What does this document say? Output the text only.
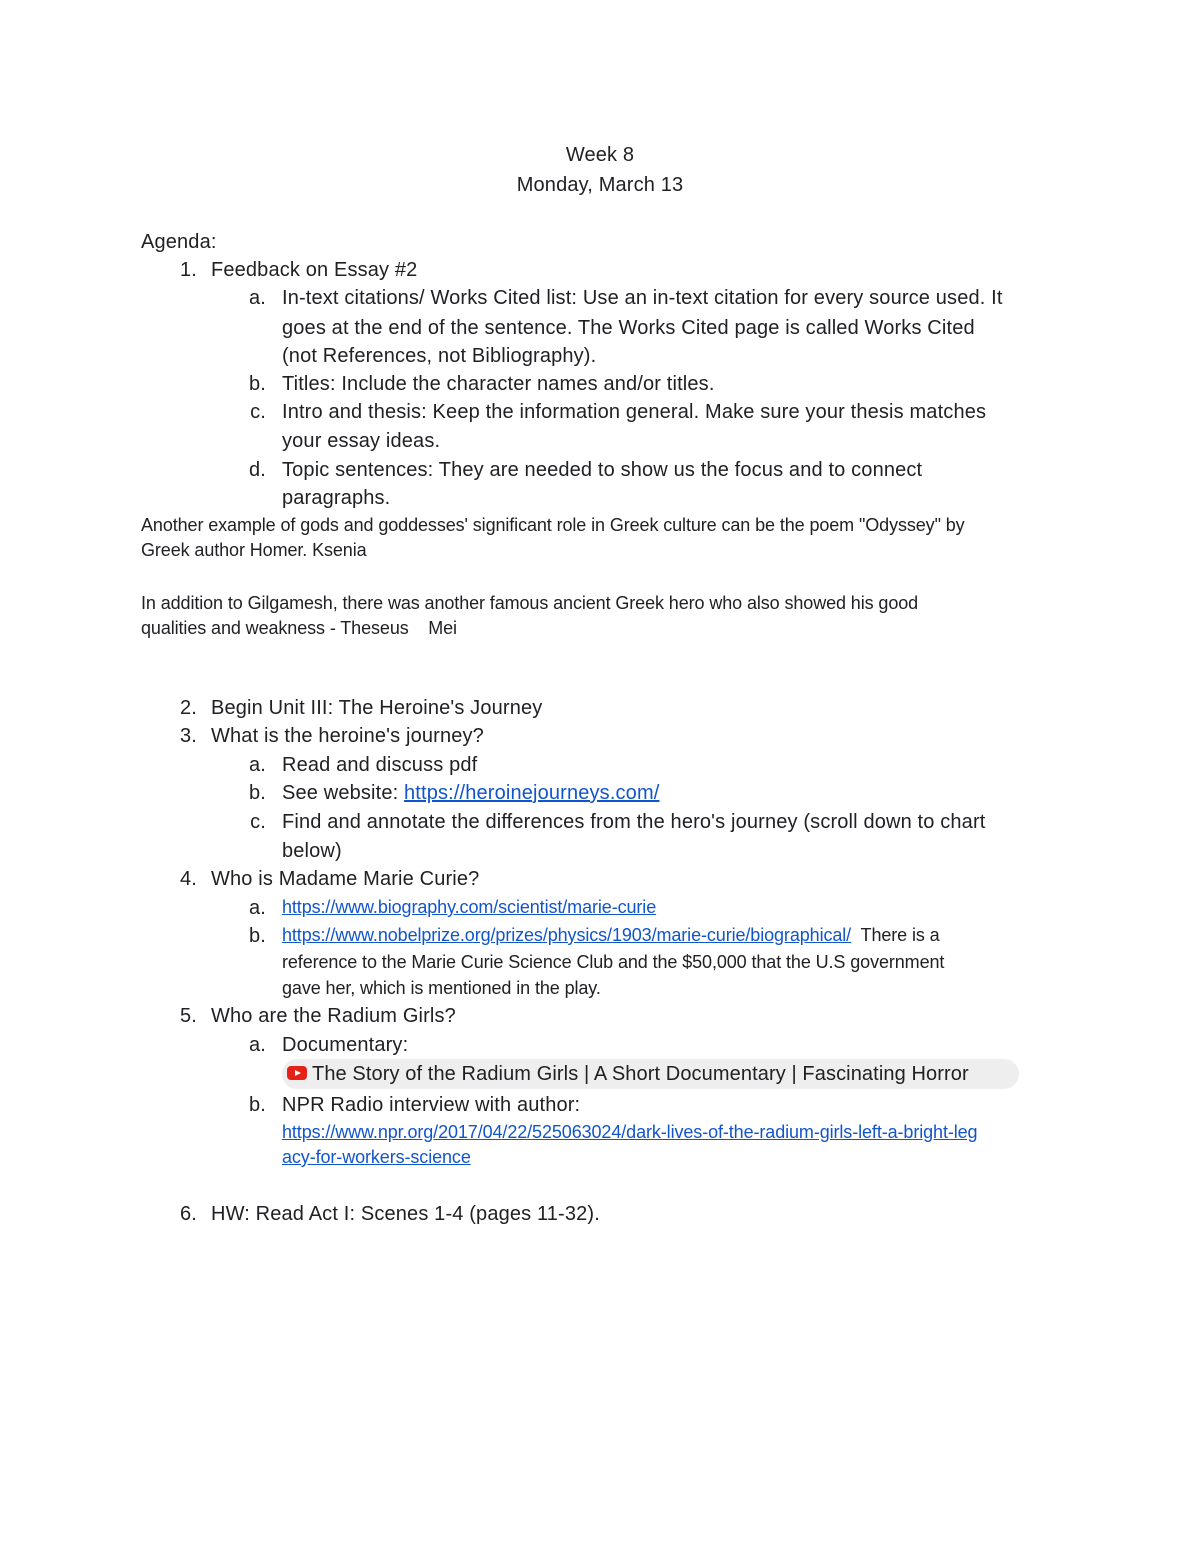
Week 8
Monday, March 13
Agenda:
1. Feedback on Essay #2
a. In-text citations/ Works Cited list: Use an in-text citation for every source used. It
goes at the end of the sentence. The Works Cited page is called Works Cited
(not References, not Bibliography).
b. Titles: Include the character names and/or titles.
c. Intro and thesis: Keep the information general. Make sure your thesis matches
your essay ideas.
d. Topic sentences: They are needed to show us the focus and to connect
paragraphs.
Another example of gods and goddesses' significant role in Greek culture can be the poem "Odyssey" by
Greek author Homer. Ksenia
In addition to Gilgamesh, there was another famous ancient Greek hero who also showed his good
qualities and weakness - Theseus    Mei
2. Begin Unit III: The Heroine's Journey
3. What is the heroine's journey?
a. Read and discuss pdf
b. See website: https://heroinejourneys.com/
c. Find and annotate the differences from the hero's journey (scroll down to chart
below)
4. Who is Madame Marie Curie?
a. https://www.biography.com/scientist/marie-curie
b. https://www.nobelprize.org/prizes/physics/1903/marie-curie/biographical/  There is a
reference to the Marie Curie Science Club and the $50,000 that the U.S government
gave her, which is mentioned in the play.
5. Who are the Radium Girls?
a. Documentary:
The Story of the Radium Girls | A Short Documentary | Fascinating Horror
b. NPR Radio interview with author:
https://www.npr.org/2017/04/22/525063024/dark-lives-of-the-radium-girls-left-a-bright-leg
acy-for-workers-science
6. HW: Read Act I: Scenes 1-4 (pages 11-32).
